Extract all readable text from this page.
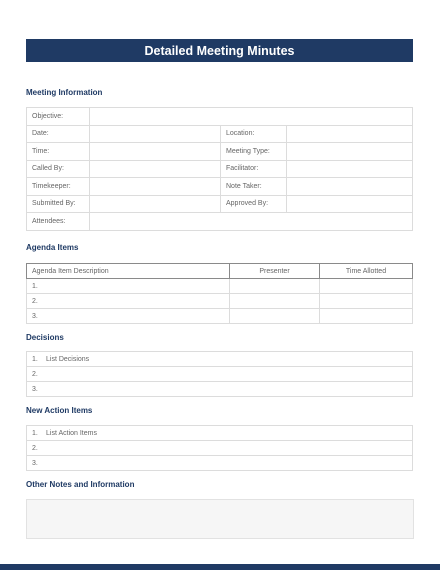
Detailed Meeting Minutes
Meeting Information
Objective:			
Date:		Location:	
Time:		Meeting Type:	
Called By:		Facilitator:	
Timekeeper:		Note Taker:	
Submitted By:		Approved By:	
Attendees:			
Agenda Items
Agenda Item Description	Presenter	Time Allotted
1.		
2.		
3.		
Decisions
1. List Decisions
2.
3.
New Action Items
1. List Action Items
2.
3.
Other Notes and Information
